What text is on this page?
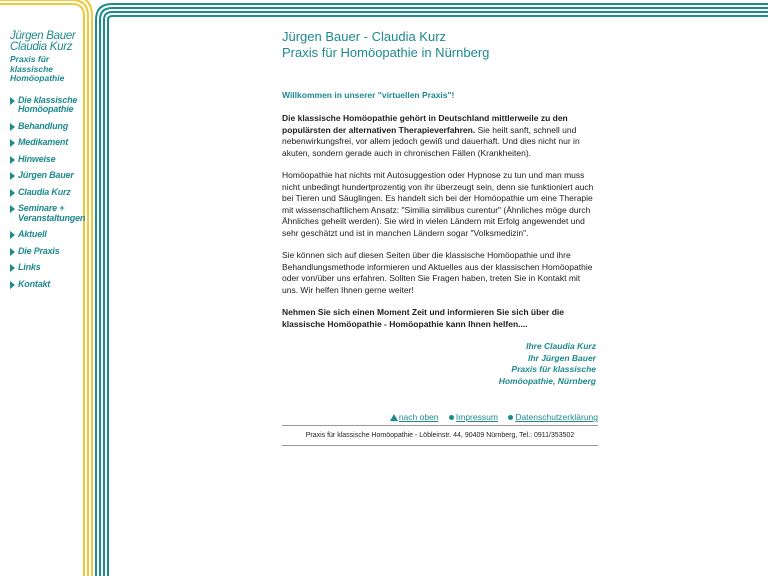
Jürgen Bauer
Claudia Kurz
Praxis für
klassische
Homöopathie
Die klassische
Homöopathie
Behandlung
Medikament
Hinweise
Jürgen Bauer
Claudia Kurz
Seminare +
Veranstaltungen
Aktuell
Die Praxis
Links
Kontakt
Jürgen Bauer - Claudia Kurz
Praxis für Homöopathie in Nürnberg
Willkommen in unserer "virtuellen Praxis"!

Die klassische Homöopathie gehört in Deutschland mittlerweile zu den populärsten der alternativen Therapieverfahren. Sie heilt sanft, schnell und nebenwirkungsfrei, vor allem jedoch gewiß und dauerhaft. Und dies nicht nur in akuten, sondern gerade auch in chronischen Fällen (Krankheiten).

Homöopathie hat nichts mit Autosuggestion oder Hypnose zu tun und man muss nicht unbedingt hundertprozentig von ihr überzeugt sein, denn sie funktioniert auch bei Tieren und Säuglingen. Es handelt sich bei der Homöopathie um eine Therapie mit wissenschaftlichem Ansatz: "Similia similibus curentur" (Ähnliches möge durch Ähnliches geheilt werden). Sie wird in vielen Ländern mit Erfolg angewendet und sehr geschätzt und ist in manchen Ländern sogar "Volksmedizin".

Sie können sich auf diesen Seiten über die klassische Homöopathie und ihre Behandlungsmethode informieren und Aktuelles aus der klassischen Homöopathie oder von/über uns erfahren. Sollten Sie Fragen haben, treten Sie in Kontakt mit uns. Wir helfen Ihnen gerne weiter!

Nehmen Sie sich einen Moment Zeit und informieren Sie sich über die klassische Homöopathie - Homöopathie kann Ihnen helfen....

Ihre Claudia Kurz
Ihr Jürgen Bauer
Praxis für klassische
Homöopathie, Nürnberg
nach oben Impressum Datenschutzerklärung
Praxis für klassische Homöopathie - Löbleinstr. 44, 90409 Nürnberg, Tel.: 0911/353502
